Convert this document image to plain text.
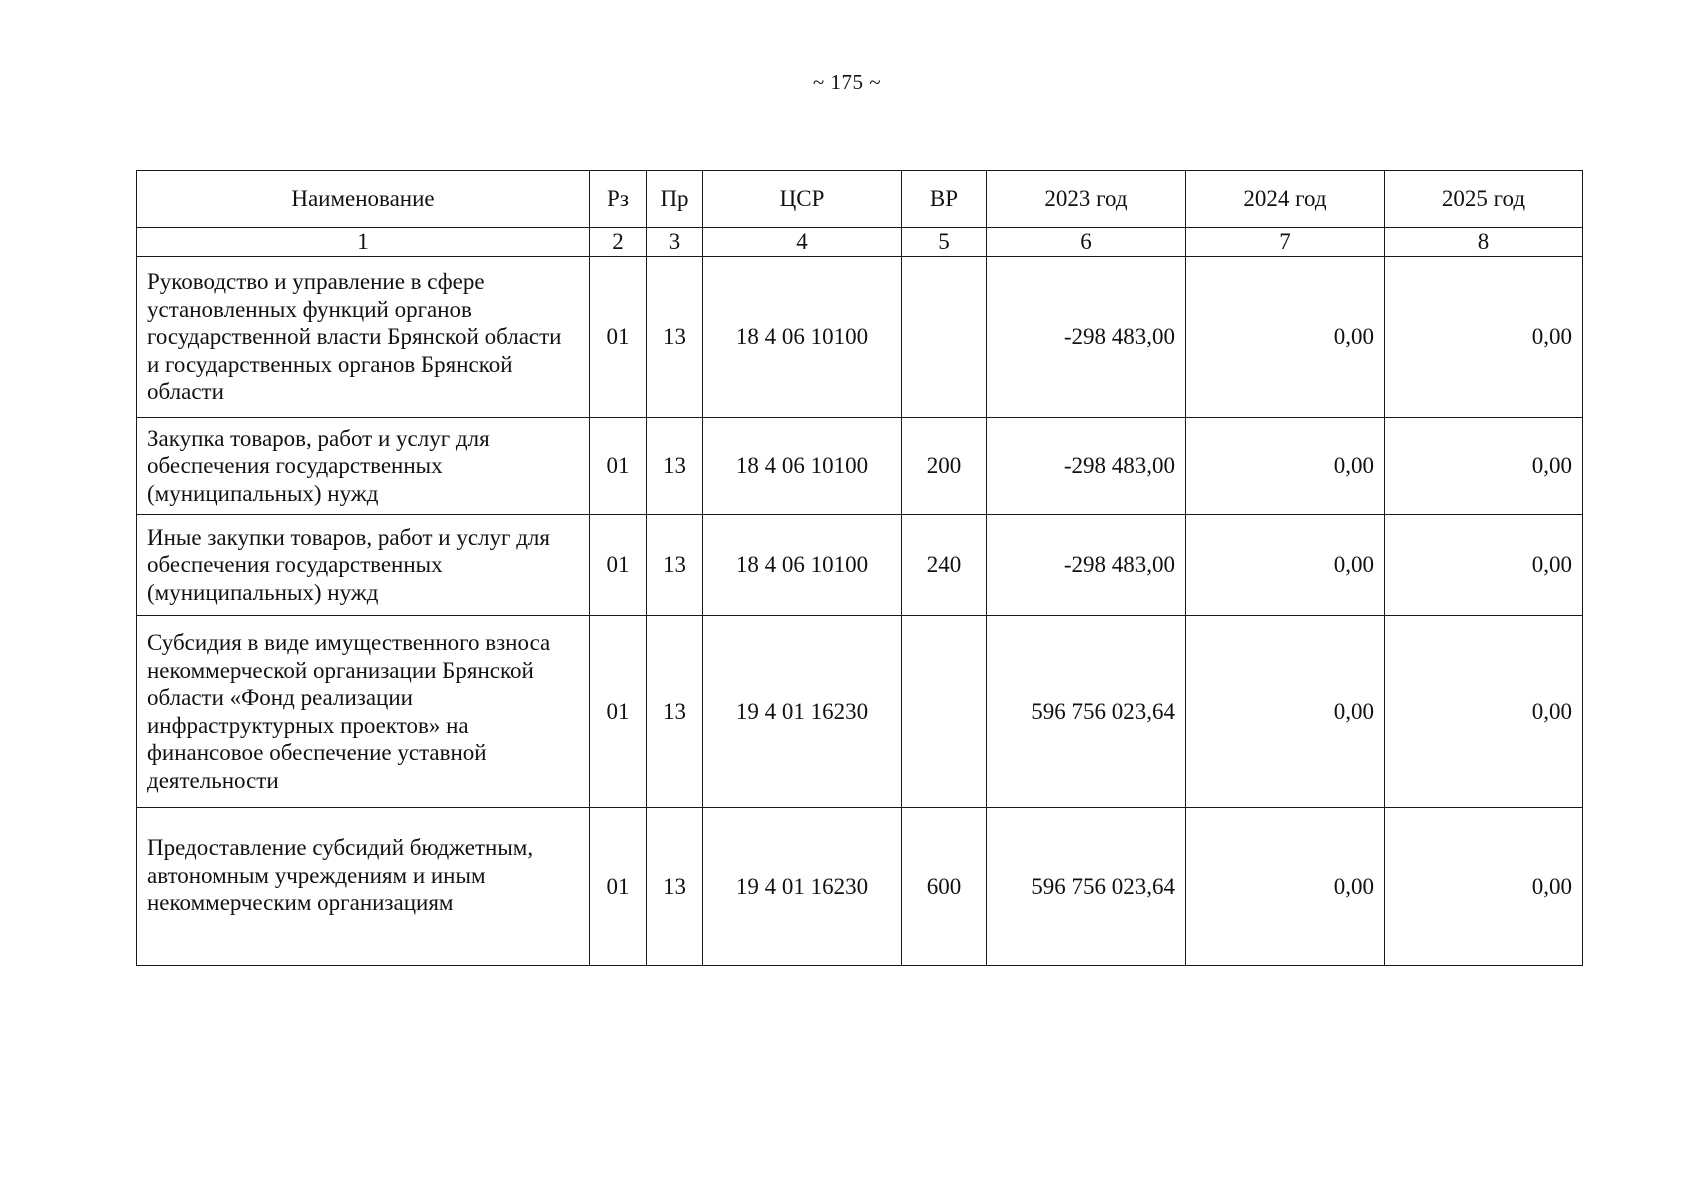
~ 175 ~
Наименование	Рз	Пр	ЦСР	ВР	2023 год	2024 год	2025 год
1	2	3	4	5	6	7	8
Руководство и управление в сфере установленных функций органов государственной власти Брянской области и государственных органов Брянской области	01	13	18 4 06 10100		-298 483,00	0,00	0,00
Закупка товаров, работ и услуг для обеспечения государственных (муниципальных) нужд	01	13	18 4 06 10100	200	-298 483,00	0,00	0,00
Иные закупки товаров, работ и услуг для обеспечения государственных (муниципальных) нужд	01	13	18 4 06 10100	240	-298 483,00	0,00	0,00
Субсидия в виде имущественного взноса некоммерческой организации Брянской области «Фонд реализации инфраструктурных проектов» на финансовое обеспечение уставной деятельности	01	13	19 4 01 16230		596 756 023,64	0,00	0,00
Предоставление субсидий бюджетным, автономным учреждениям и иным некоммерческим организациям	01	13	19 4 01 16230	600	596 756 023,64	0,00	0,00
